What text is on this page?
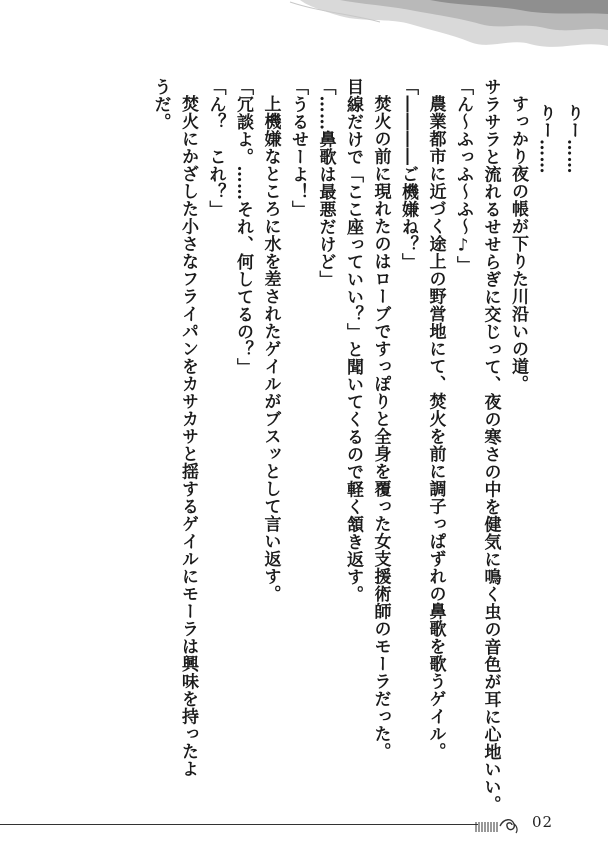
りー……
りー……
すっかり夜の帳が下りた川沿いの道。
サラサラと流れるせせらぎに交じって、夜の寒さの中を健気に鳴く虫の音色が耳に心地いい。
「ん〜ふっふ〜ふ〜♪」
農業都市に近づく途上の野営地にて、焚火を前に調子っぱずれの鼻歌を歌うゲイル。
「――――ご機嫌ね？」
焚火の前に現れたのはローブですっぽりと全身を覆った女支援術師のモーラだった。
目線だけで「ここ座っていい？」と聞いてくるので軽く頷き返す。
「……鼻歌は最悪だけど」
「うるせーよ！」
上機嫌なところに水を差されたゲイルがブスッとして言い返す。
「冗談よ。……それ、何してるの？」
「ん？　これ？」
焚火にかざした小さなフライパンをカサカサと揺するゲイルにモーラは興味を持ったよ
うだ。
02
